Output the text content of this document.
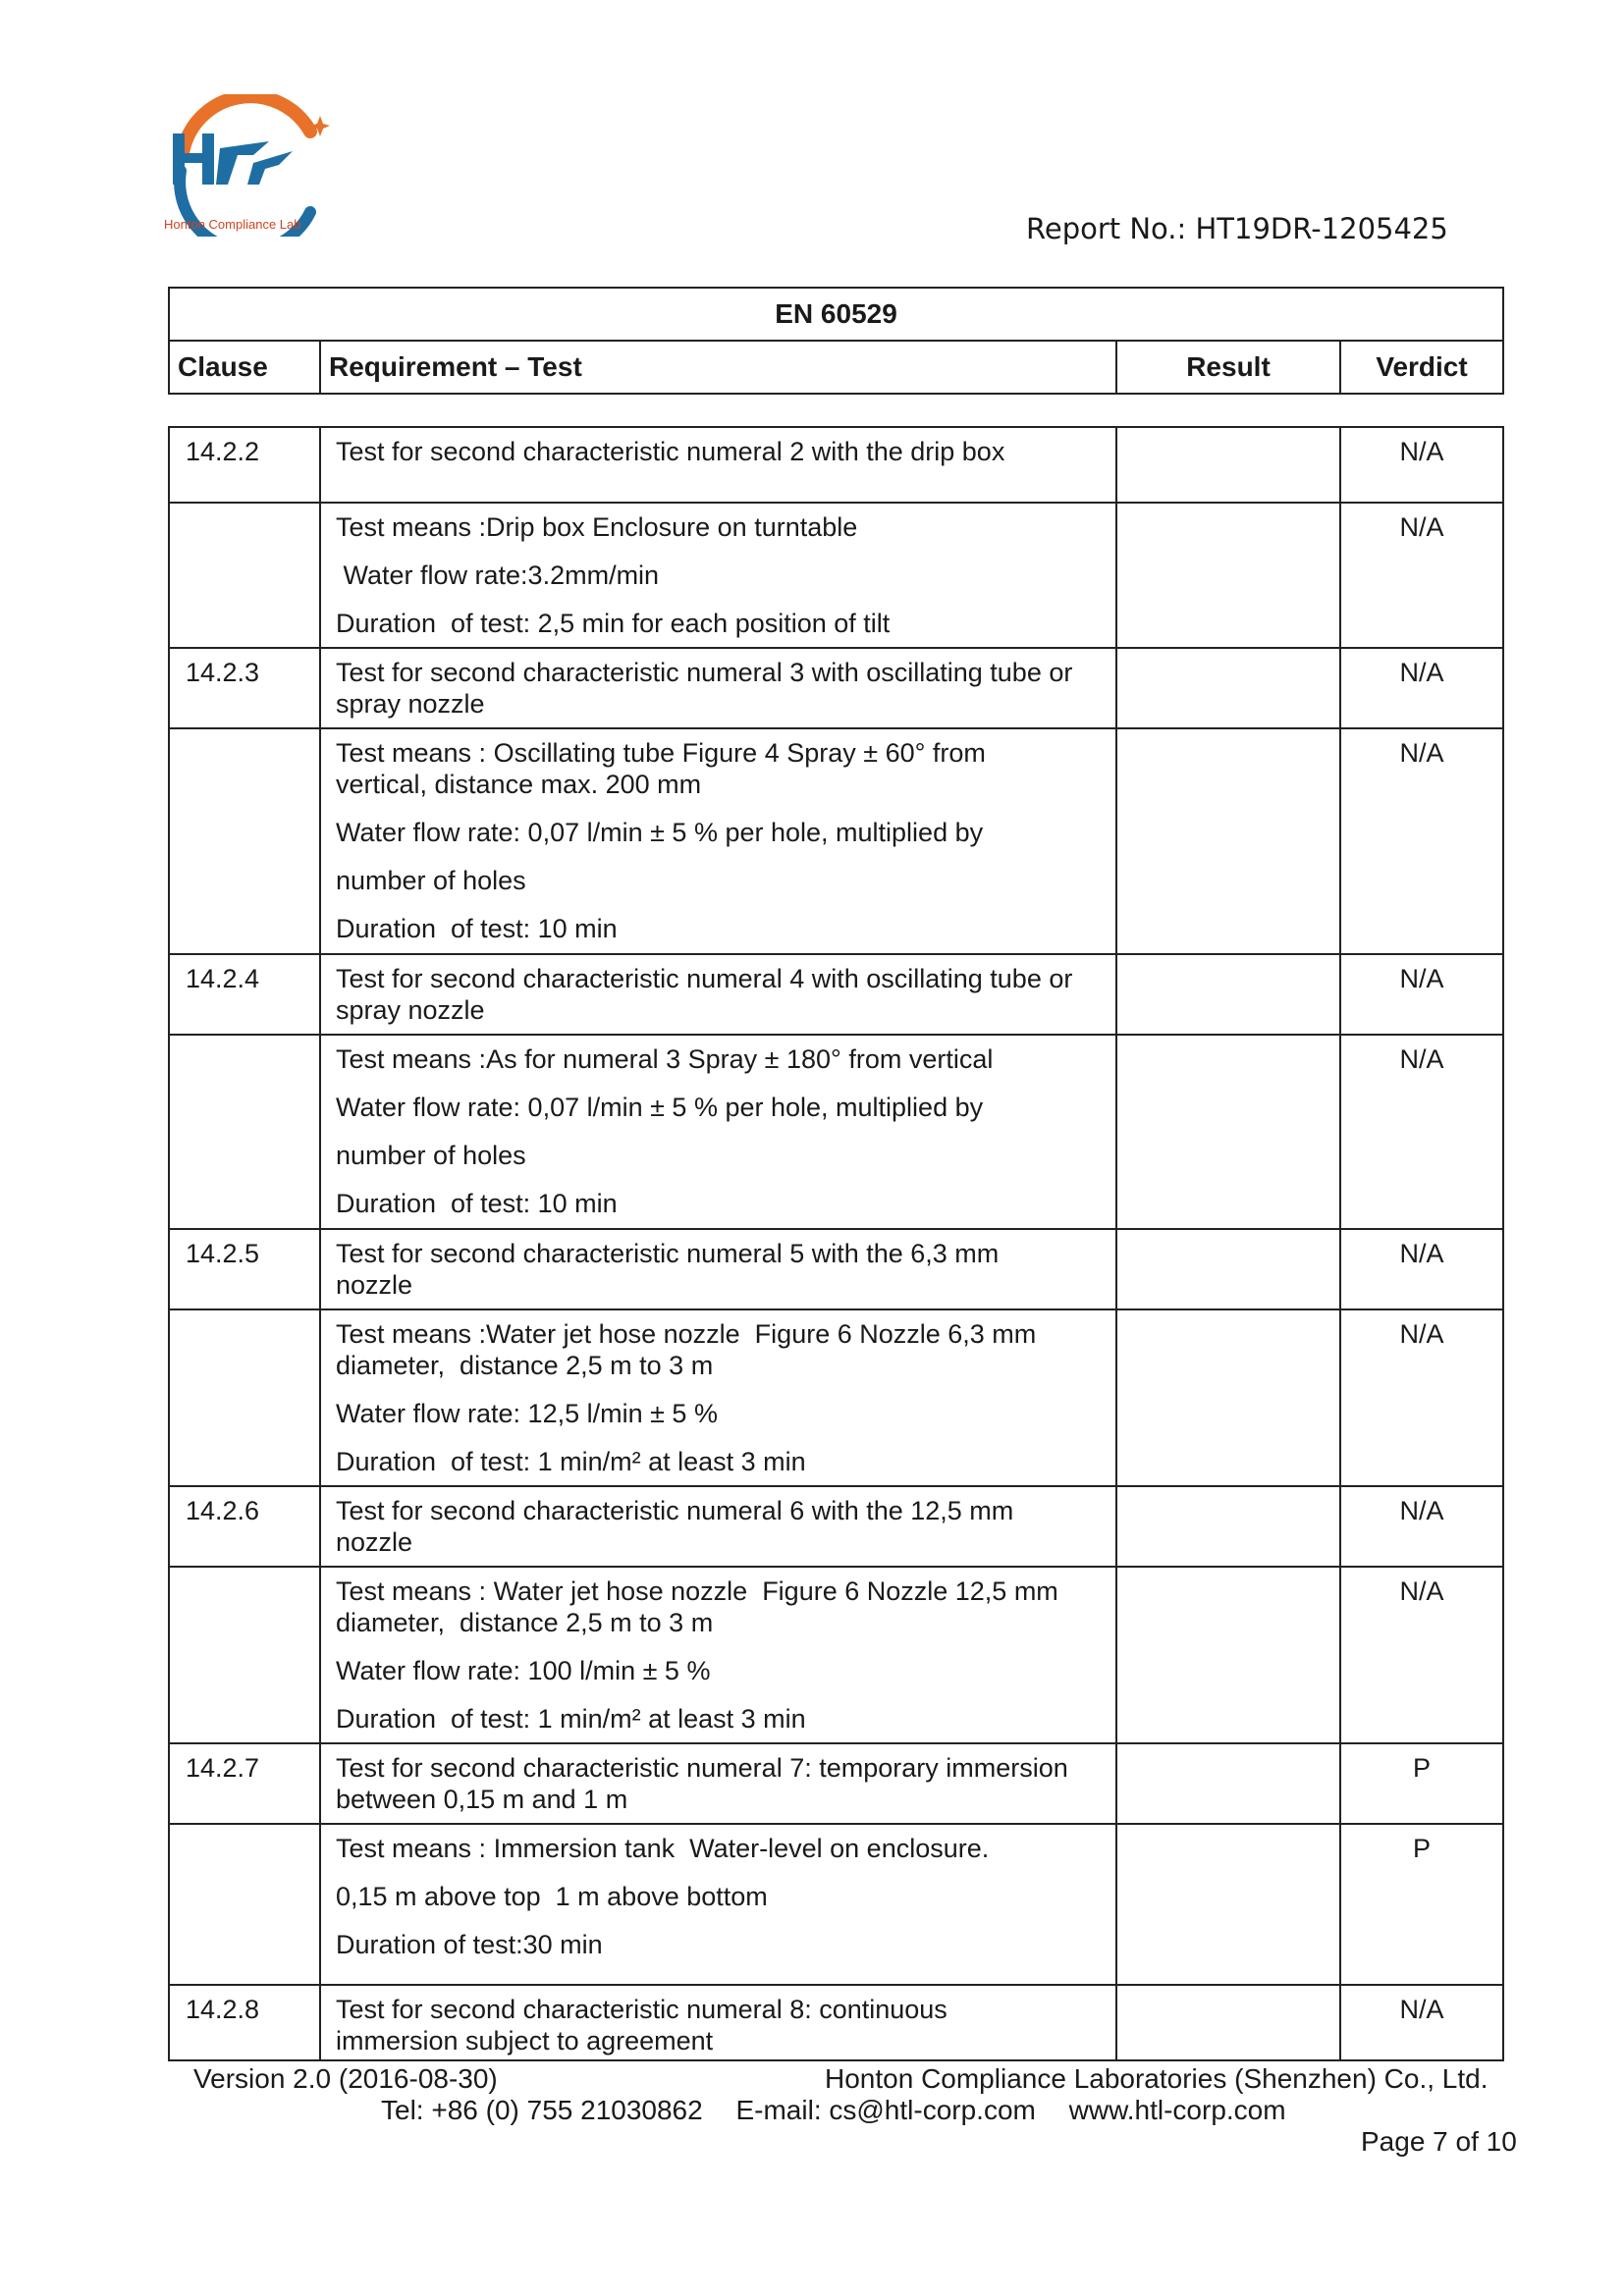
Honton Compliance Lab	Report No.: HT19DR-1205425
EN 60529
Clause	Requirement – Test	Result	Verdict
14.2.2	Test for second characteristic numeral 2 with the drip box		N/A

	Test means :Drip box Enclosure on turntable
Water flow rate:3.2mm/min
Duration  of test: 2,5 min for each position of tilt		N/A
14.2.3	Test for second characteristic numeral 3 with oscillating tube or
spray nozzle		N/A

	Test means : Oscillating tube Figure 4 Spray ± 60° from
vertical, distance max. 200 mm
Water flow rate: 0,07 l/min ± 5 % per hole, multiplied by
number of holes
Duration  of test: 10 min		N/A
14.2.4	Test for second characteristic numeral 4 with oscillating tube or
spray nozzle		N/A

	Test means :As for numeral 3 Spray ± 180° from vertical
Water flow rate: 0,07 l/min ± 5 % per hole, multiplied by
number of holes
Duration  of test: 10 min		N/A
14.2.5	Test for second characteristic numeral 5 with the 6,3 mm
nozzle		N/A

	Test means :Water jet hose nozzle  Figure 6 Nozzle 6,3 mm
diameter,  distance 2,5 m to 3 m
Water flow rate: 12,5 l/min ± 5 %
Duration  of test: 1 min/m² at least 3 min		N/A
14.2.6	Test for second characteristic numeral 6 with the 12,5 mm
nozzle		N/A

	Test means : Water jet hose nozzle  Figure 6 Nozzle 12,5 mm
diameter,  distance 2,5 m to 3 m
Water flow rate: 100 l/min ± 5 %
Duration  of test: 1 min/m² at least 3 min		N/A
14.2.7	Test for second characteristic numeral 7: temporary immersion
between 0,15 m and 1 m		P

	Test means : Immersion tank  Water-level on enclosure.
0,15 m above top  1 m above bottom
Duration of test:30 min		P
14.2.8	Test for second characteristic numeral 8: continuous
immersion subject to agreement		N/A
Version 2.0 (2016-08-30)	Honton Compliance Laboratories (Shenzhen) Co., Ltd.
Tel: +86 (0) 755 21030862 E-mail: cs@htl-corp.com www.htl-corp.com
Page 7 of 10
